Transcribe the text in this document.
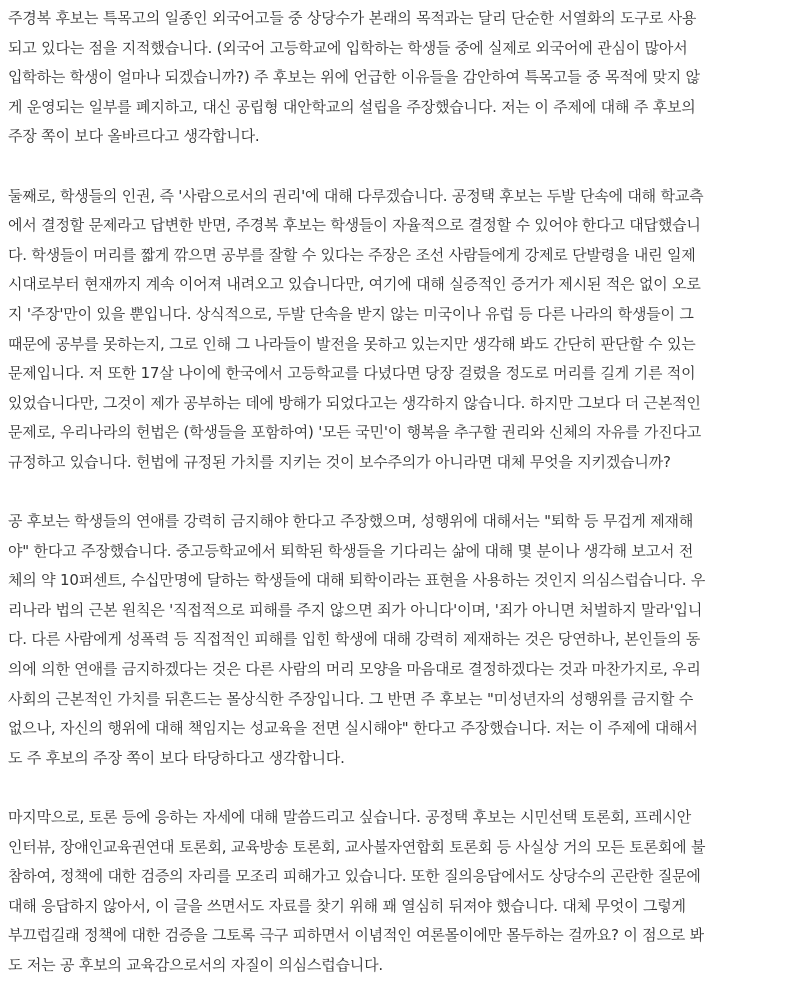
주경복 후보는 특목고의 일종인 외국어고들 중 상당수가 본래의 목적과는 달리 단순한 서열화의 도구로 사용
되고 있다는 점을 지적했습니다. (외국어 고등학교에 입학하는 학생들 중에 실제로 외국어에 관심이 많아서
입학하는 학생이 얼마나 되겠습니까?) 주 후보는 위에 언급한 이유들을 감안하여 특목고들 중 목적에 맞지 않
게 운영되는 일부를 폐지하고, 대신 공립형 대안학교의 설립을 주장했습니다. 저는 이 주제에 대해 주 후보의
주장 쪽이 보다 올바르다고 생각합니다.
둘째로, 학생들의 인권, 즉 '사람으로서의 권리'에 대해 다루겠습니다. 공정택 후보는 두발 단속에 대해 학교측
에서 결정할 문제라고 답변한 반면, 주경복 후보는 학생들이 자율적으로 결정할 수 있어야 한다고 대답했습니
다. 학생들이 머리를 짧게 깎으면 공부를 잘할 수 있다는 주장은 조선 사람들에게 강제로 단발령을 내린 일제
시대로부터 현재까지 계속 이어져 내려오고 있습니다만, 여기에 대해 실증적인 증거가 제시된 적은 없이 오로
지 '주장'만이 있을 뿐입니다. 상식적으로, 두발 단속을 받지 않는 미국이나 유럽 등 다른 나라의 학생들이 그
때문에 공부를 못하는지, 그로 인해 그 나라들이 발전을 못하고 있는지만 생각해 봐도 간단히 판단할 수 있는
문제입니다. 저 또한 17살 나이에 한국에서 고등학교를 다녔다면 당장 걸렸을 정도로 머리를 길게 기른 적이
있었습니다만, 그것이 제가 공부하는 데에 방해가 되었다고는 생각하지 않습니다. 하지만 그보다 더 근본적인
문제로, 우리나라의 헌법은 (학생들을 포함하여) '모든 국민'이 행복을 추구할 권리와 신체의 자유를 가진다고
규정하고 있습니다. 헌법에 규정된 가치를 지키는 것이 보수주의가 아니라면 대체 무엇을 지키겠습니까?
공 후보는 학생들의 연애를 강력히 금지해야 한다고 주장했으며, 성행위에 대해서는 "퇴학 등 무겁게 제재해
야" 한다고 주장했습니다. 중고등학교에서 퇴학된 학생들을 기다리는 삶에 대해 몇 분이나 생각해 보고서 전
체의 약 10퍼센트, 수십만명에 달하는 학생들에 대해 퇴학이라는 표현을 사용하는 것인지 의심스럽습니다. 우
리나라 법의 근본 원칙은 '직접적으로 피해를 주지 않으면 죄가 아니다'이며, '죄가 아니면 처벌하지 말라'입니
다. 다른 사람에게 성폭력 등 직접적인 피해를 입힌 학생에 대해 강력히 제재하는 것은 당연하나, 본인들의 동
의에 의한 연애를 금지하겠다는 것은 다른 사람의 머리 모양을 마음대로 결정하겠다는 것과 마찬가지로, 우리
사회의 근본적인 가치를 뒤흔드는 몰상식한 주장입니다. 그 반면 주 후보는 "미성년자의 성행위를 금지할 수
없으나, 자신의 행위에 대해 책임지는 성교육을 전면 실시해야" 한다고 주장했습니다. 저는 이 주제에 대해서
도 주 후보의 주장 쪽이 보다 타당하다고 생각합니다.
마지막으로, 토론 등에 응하는 자세에 대해 말씀드리고 싶습니다. 공정택 후보는 시민선택 토론회, 프레시안
인터뷰, 장애인교육권연대 토론회, 교육방송 토론회, 교사불자연합회 토론회 등 사실상 거의 모든 토론회에 불
참하여, 정책에 대한 검증의 자리를 모조리 피해가고 있습니다. 또한 질의응답에서도 상당수의 곤란한 질문에
대해 응답하지 않아서, 이 글을 쓰면서도 자료를 찾기 위해 꽤 열심히 뒤져야 했습니다. 대체 무엇이 그렇게
부끄럽길래 정책에 대한 검증을 그토록 극구 피하면서 이념적인 여론몰이에만 몰두하는 걸까요? 이 점으로 봐
도 저는 공 후보의 교육감으로서의 자질이 의심스럽습니다.
